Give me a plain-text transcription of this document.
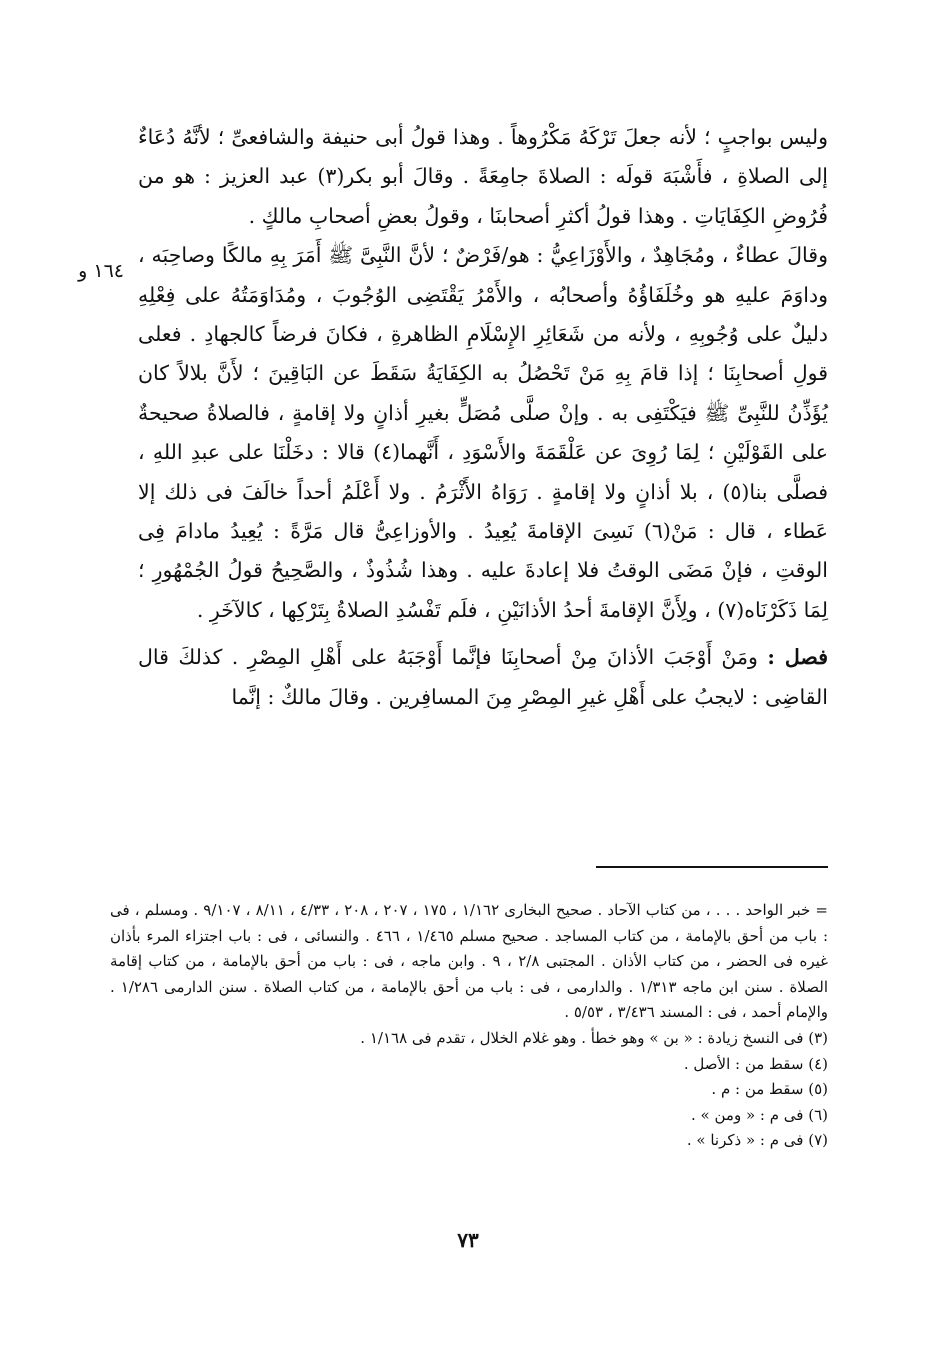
١٦٤ و

وليس بواجبٍ ؛ لأنه جعلَ تَرْكَهُ مَكْرُوهاً . وهذا قولُ أبى حنيفة والشافعىِّ ؛ لأنَّهُ دُعَاءٌ إلى الصلاةِ ، فأَشْبَهَ قولَه : الصلاةَ جامِعَةً . وقالَ أبو بكر(٣) عبد العزيز : هو من فُرُوضِ الكِفَايَاتِ . وهذا قولُ أكثرِ أصحابنَا ، وقولُ بعضِ أصحابِ مالكٍ .

وقالَ عطاءٌ ، ومُجَاهِدٌ ، والأَوْزَاعِيُّ : هو/فَرْضٌ ؛ لأنَّ النَّبِىَّ ﷺ أَمَرَ بِهِ مالكًا وصاحِبَه ، وداوَمَ عليهِ هو وخُلَفَاؤُهُ وأصحابُه ، والأَمْرُ يَقْتَضِى الوُجُوبَ ، ومُدَاوَمَتُهُ على فِعْلِهِ دليلٌ على وُجُوبِهِ ، ولأنه من شَعَائِرِ الإِسْلَامِ الظاهرةِ ، فكانَ فرضاً كالجهادِ . فعلى قولِ أصحابِنَا ؛ إذا قامَ بِهِ مَنْ تَحْصُلُ به الكِفَايَةُ سَقَطَ عن البَاقِينَ ؛ لأَنَّ بلالاً كان يُؤَذِّنُ للنَّبِىِّ ﷺ فيَكْتَفِى به . وإنْ صلَّى مُصَلٍّ بغيرِ أذانٍ ولا إقامةٍ ، فالصلاةُ صحيحةٌ على القَوْلَيْنِ ؛ لِمَا رُوِىَ عن عَلْقَمَةَ والأَسْوَدِ ، أَنَّهما(٤) قالا : دخَلْنَا على عبدِ اللهِ ، فصلَّى بنا(٥) ، بلا أذانٍ ولا إقامةٍ . رَوَاهُ الأَثْرَمُ . ولا أَعْلَمُ أحداً خالَفَ فى ذلك إلا عَطاء ، قال : مَنْ(٦) نَسِىَ الإقامةَ يُعِيدُ . والأوزاعِىُّ قال مَرَّةً : يُعِيدُ مادامَ فِى الوقتِ ، فإنْ مَضَى الوقتُ فلا إعادةَ عليه . وهذا شُذُوذٌ ، والصَّحِيحُ قولُ الجُمْهُورِ ؛ لِمَا ذَكَرْنَاه(٧) ، ولِأَنَّ الإقامةَ أحدُ الأذانَيْنِ ، فلَم تَفْسُدِ الصلاةُ بِتَرْكِها ، كالآخَرِ .

فصل : ومَنْ أَوْجَبَ الأذانَ مِنْ أصحابِنَا فإنَّما أَوْجَبَهُ على أَهْلِ المِصْرِ . كذلكَ قال القاضِى : لايجبُ على أَهْلِ غيرِ المِصْرِ مِنَ المسافِرين . وقالَ مالكٌ : إنَّما

= خبر الواحد . . . ، من كتاب الآحاد . صحيح البخارى ١/١٦٢ ، ١٧٥ ، ٢٠٧ ، ٢٠٨ ، ٤/٣٣ ، ٨/١١ ، ٩/١٠٧ . ومسلم ، فى : باب من أحق بالإمامة ، من كتاب المساجد . صحيح مسلم ١/٤٦٥ ، ٤٦٦ . والنسائى ، فى : باب اجتزاء المرء بأذان غيره فى الحضر ، من كتاب الأذان . المجتبى ٢/٨ ، ٩ . وابن ماجه ، فى : باب من أحق بالإمامة ، من كتاب إقامة الصلاة . سنن ابن ماجه ١/٣١٣ . والدارمى ، فى : باب من أحق بالإمامة ، من كتاب الصلاة . سنن الدارمى ١/٢٨٦ . والإمام أحمد ، فى : المسند ٣/٤٣٦ ، ٥/٥٣ .

(٣) فى النسخ زيادة : « بن » وهو خطأ . وهو غلام الخلال ، تقدم فى ١/١٦٨ .

(٤) سقط من : الأصل .

(٥) سقط من : م .

(٦) فى م : « ومن » .

(٧) فى م : « ذكرنا » .

٧٣
